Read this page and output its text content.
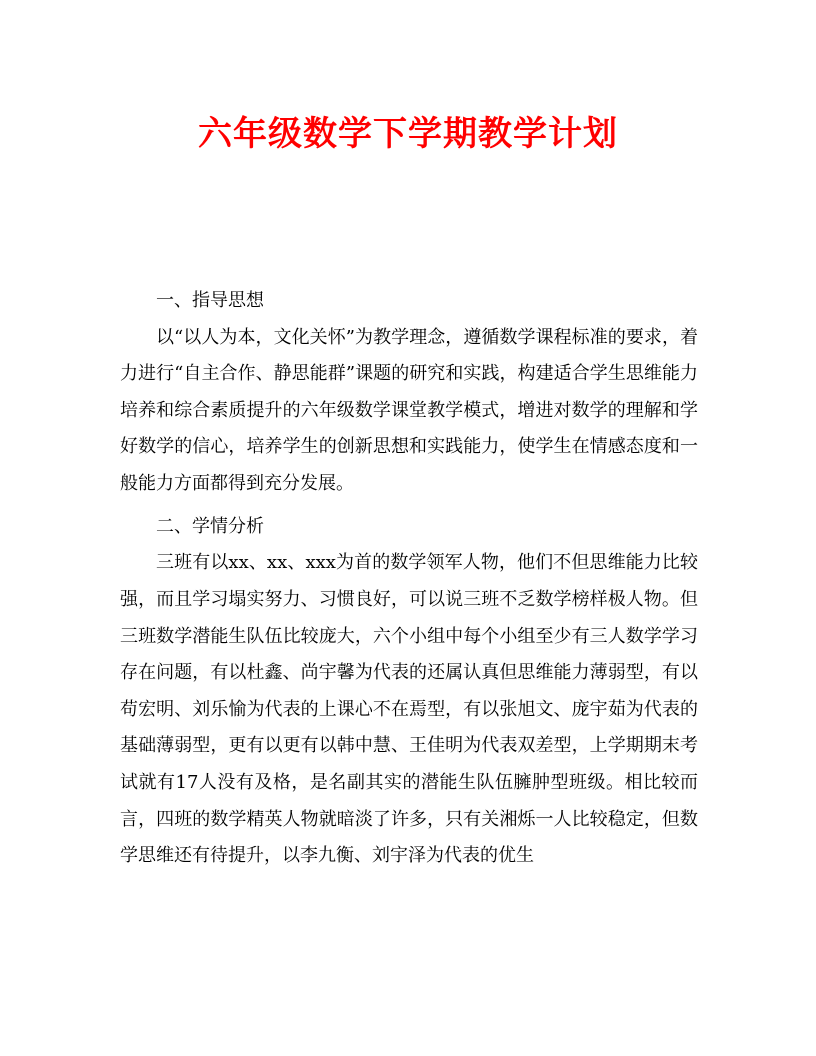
六年级数学下学期教学计划
一、指导思想

以“以人为本，文化关怀”为教学理念，遵循数学课程标准的要求，着力进行“自主合作、静思能群”课题的研究和实践，构建适合学生思维能力培养和综合素质提升的六年级数学课堂教学模式，增进对数学的理解和学好数学的信心，培养学生的创新思想和实践能力，使学生在情感态度和一般能力方面都得到充分发展。

二、学情分析

三班有以xx、xx、xxx为首的数学领军人物，他们不但思维能力比较强，而且学习塌实努力、习惯良好，可以说三班不乏数学榜样极人物。但三班数学潜能生队伍比较庞大，六个小组中每个小组至少有三人数学学习存在问题，有以杜鑫、尚宇馨为代表的还属认真但思维能力薄弱型，有以苟宏明、刘乐愉为代表的上课心不在焉型，有以张旭文、庞宇茹为代表的基础薄弱型，更有以更有以韩中慧、王佳明为代表双差型，上学期期末考试就有17人没有及格，是名副其实的潜能生队伍臃肿型班级。相比较而言，四班的数学精英人物就暗淡了许多，只有关湘烁一人比较稳定，但数学思维还有待提升，以李九衡、刘宇泽为代表的优生
